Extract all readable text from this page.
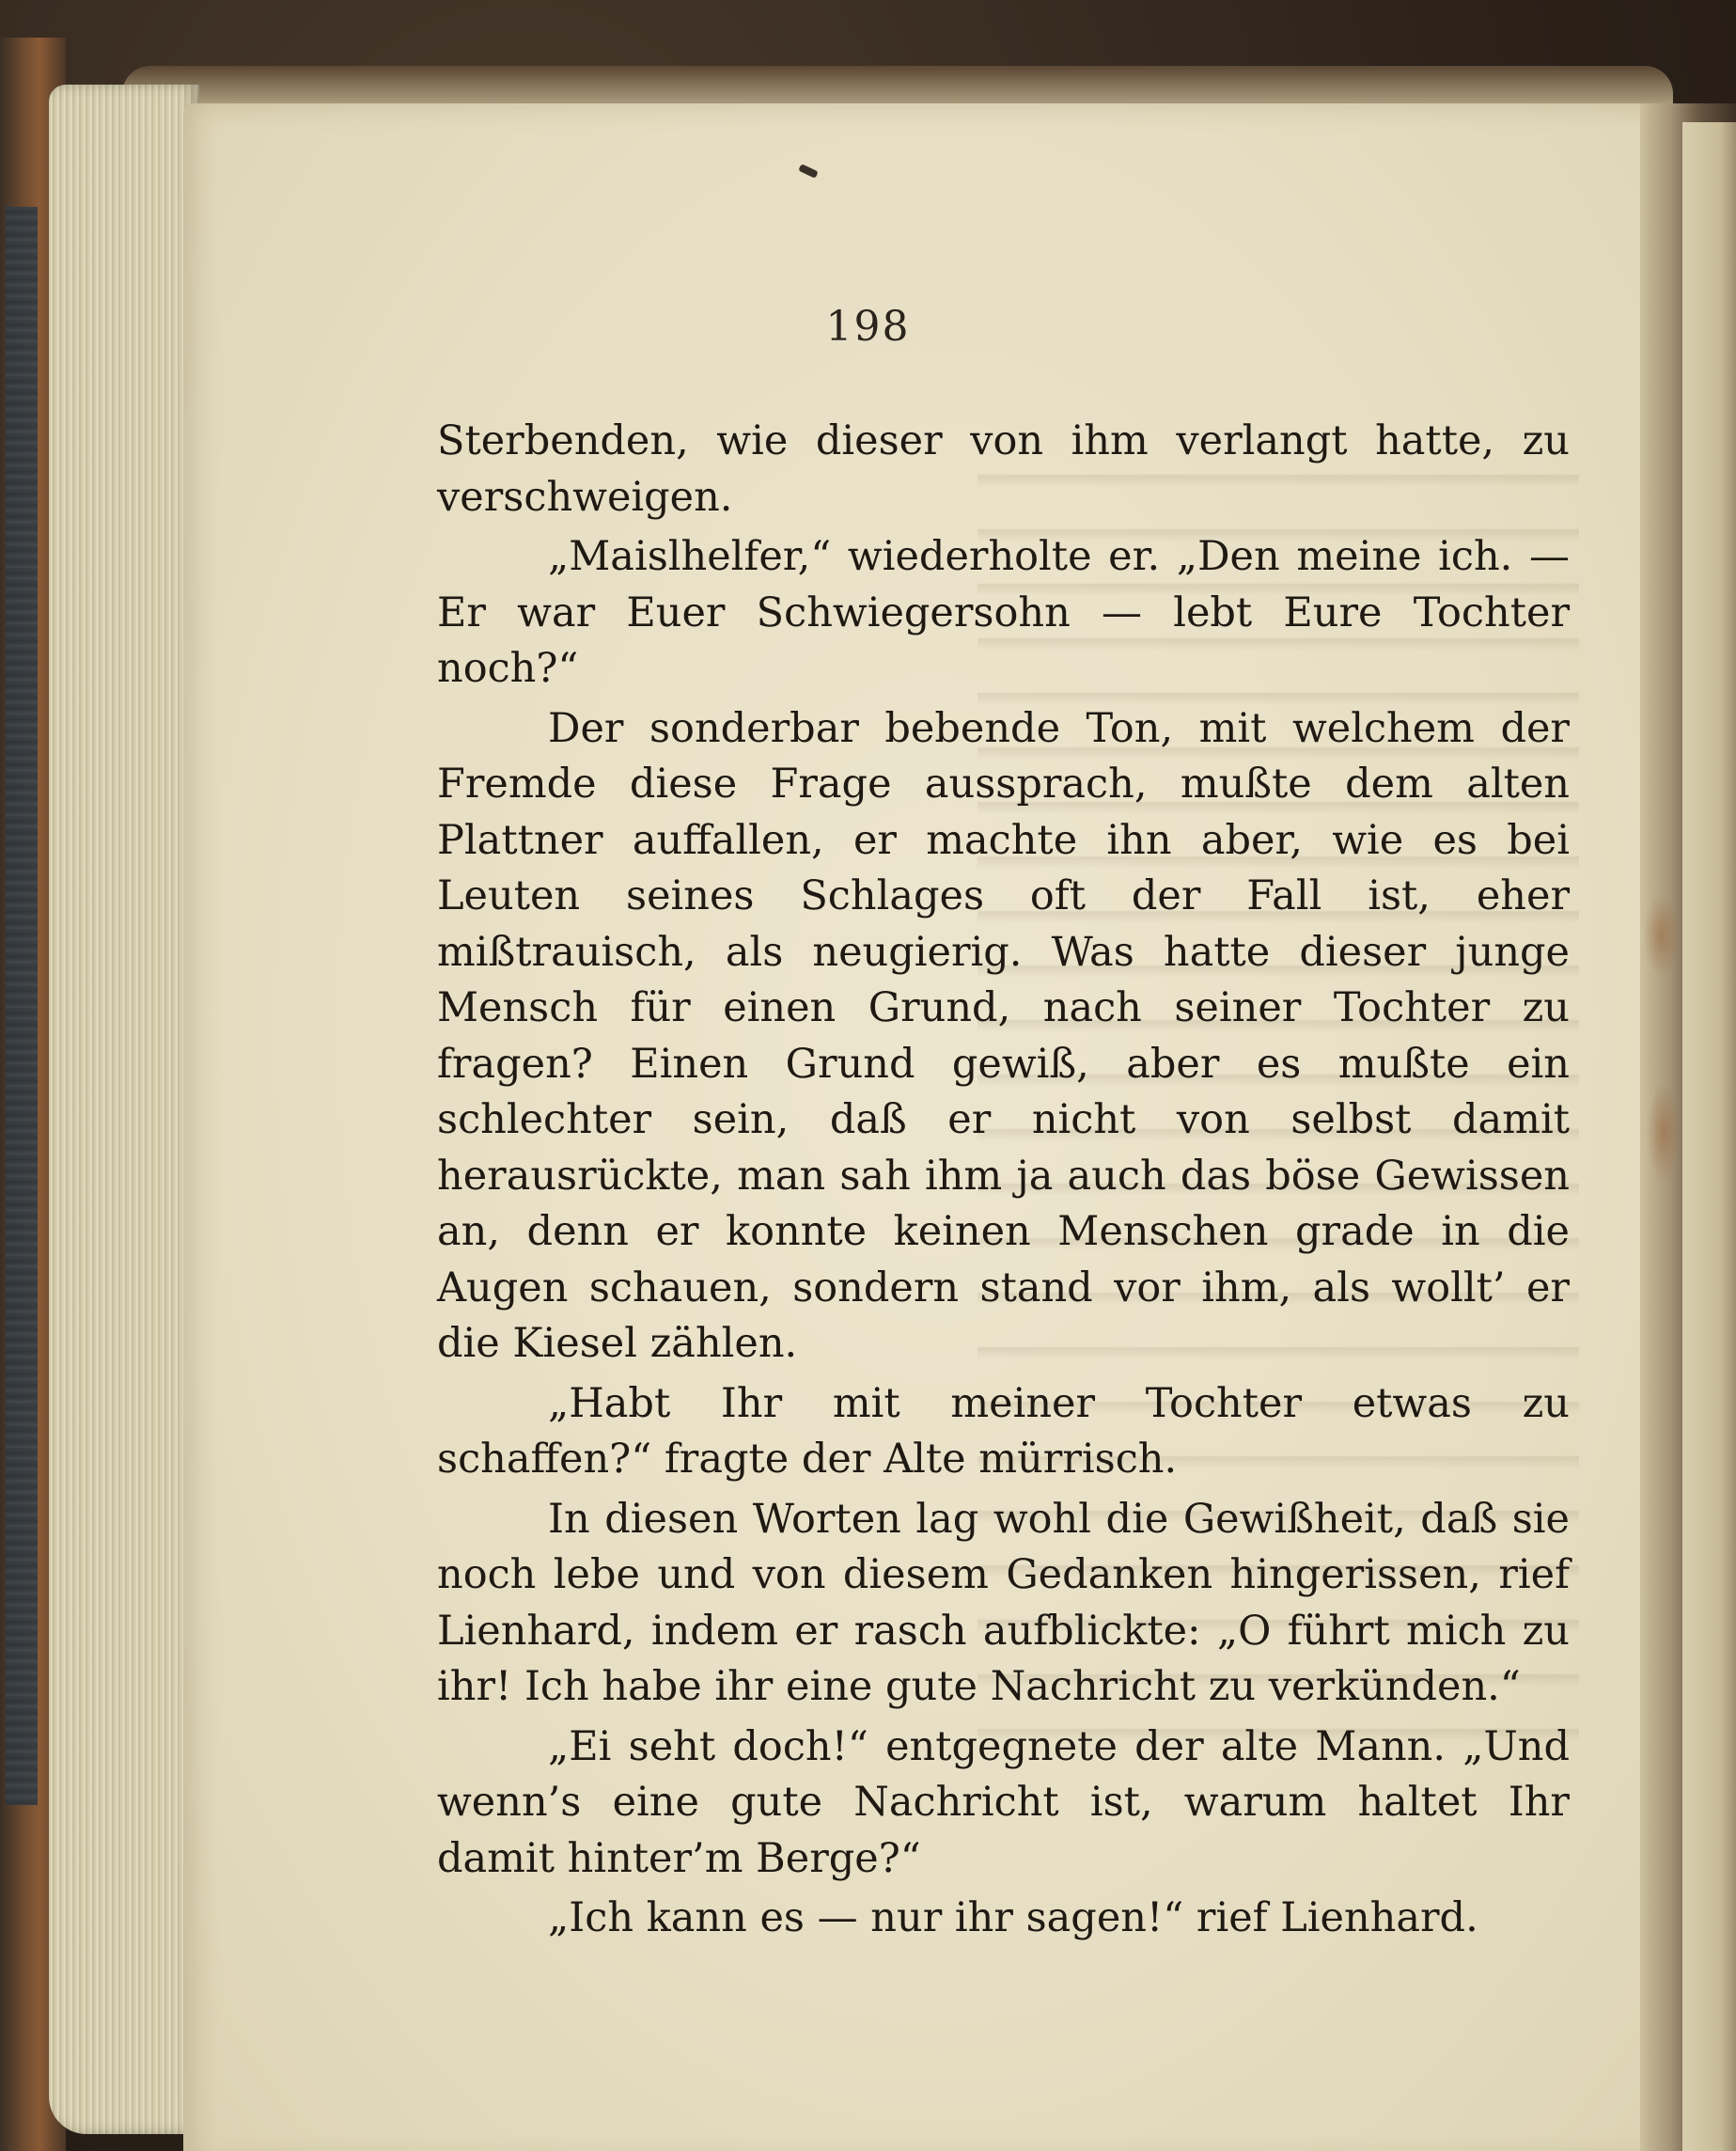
198

Sterbenden, wie dieser von ihm verlangt hatte, zu verschweigen.

„Maislhelfer,“ wiederholte er. „Den meine ich. — Er war Euer Schwiegersohn — lebt Eure Tochter noch?“

Der sonderbar bebende Ton, mit welchem der Fremde diese Frage aussprach, mußte dem alten Plattner auffallen, er machte ihn aber, wie es bei Leuten seines Schlages oft der Fall ist, eher mißtrauisch, als neugierig. Was hatte dieser junge Mensch für einen Grund, nach seiner Tochter zu fragen? Einen Grund gewiß, aber es mußte ein schlechter sein, daß er nicht von selbst damit herausrückte, man sah ihm ja auch das böse Gewissen an, denn er konnte keinen Menschen grade in die Augen schauen, sondern stand vor ihm, als wollt’ er die Kiesel zählen.

„Habt Ihr mit meiner Tochter etwas zu schaffen?“ fragte der Alte mürrisch.

In diesen Worten lag wohl die Gewißheit, daß sie noch lebe und von diesem Gedanken hingerissen, rief Lienhard, indem er rasch aufblickte: „O führt mich zu ihr! Ich habe ihr eine gute Nachricht zu verkünden.“

„Ei seht doch!“ entgegnete der alte Mann. „Und wenn’s eine gute Nachricht ist, warum haltet Ihr damit hinter’m Berge?“

„Ich kann es — nur ihr sagen!“ rief Lienhard.
